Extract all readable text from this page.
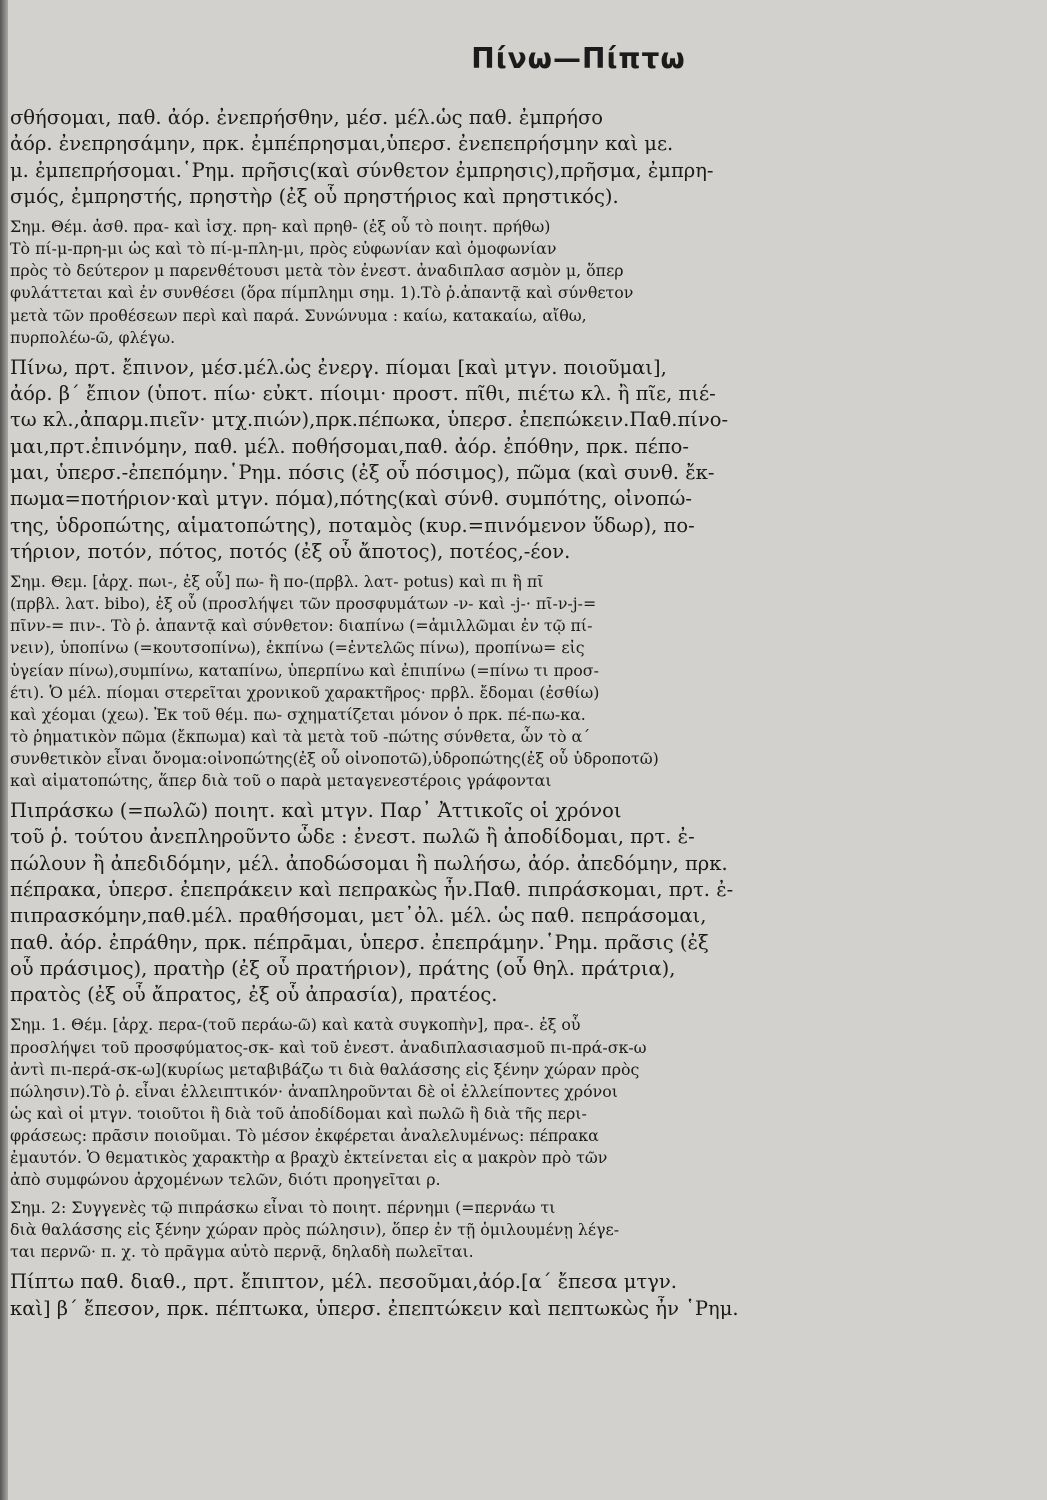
Πίνω—Πίπτω
σθήσομαι, παθ. ἀόρ. ἐνεπρήσθην, μέσ. μέλ.ὡς παθ. ἐμπρήσο
ἀόρ. ἐνεπρησάμην, πρκ. ἐμπέπρησμαι,ὑπερσ. ἐνεπεπρήσμην καὶ με.
μ. ἐμπεπρήσομαι.῾Ρημ. πρῆσις(καὶ σύνθετον ἐμπρησις),πρῆσμα, ἐμπρη-
σμός, ἐμπρηστής, πρηστὴρ (ἐξ οὗ πρηστήριος καὶ πρηστικός).
Σημ. Θέμ. ἀσθ. πρα- καὶ ἰσχ. πρη- καὶ πρηθ- (ἐξ οὗ τὸ ποιητ. πρήθω)
Τὸ πί-μ-πρη-μι ὡς καὶ τὸ πί-μ-πλη-μι, πρὸς εὐφωνίαν καὶ ὁμοφωνίαν
πρὸς τὸ δεύτερον μ παρενθέτουσι μετὰ τὸν ἐνεστ. ἀναδιπλασ ασμὸν μ, ὅπερ
φυλάττεται καὶ ἐν συνθέσει (ὅρα πίμπλημι σημ. 1).Τὸ ῥ.ἀπαντᾷ καὶ σύνθετον
μετὰ τῶν προθέσεων περὶ καὶ παρά. Συνώνυμα : καίω, κατακαίω, αἴθω,
πυρπολέω-ῶ, φλέγω.
Πίνω, πρτ. ἔπινον, μέσ.μέλ.ὡς ἐνεργ. πίομαι [καὶ μτγν. ποιοῦμαι],
ἀόρ. β΄ ἔπιον (ὑποτ. πίω· εὐκτ. πίοιμι· προστ. πῖθι, πιέτω κλ. ἢ πῖε, πιέ-
τω κλ.,ἀπαρμ.πιεῖν· μτχ.πιών),πρκ.πέπωκα, ὑπερσ. ἐπεπώκειν.Παθ.πίνο-
μαι,πρτ.ἐπινόμην, παθ. μέλ. ποθήσομαι,παθ. ἀόρ. ἐπόθην, πρκ. πέπο-
μαι, ὑπερσ.-ἐπεπόμην.῾Ρημ. πόσις (ἐξ οὗ πόσιμος), πῶμα (καὶ συνθ. ἔκ-
πωμα=ποτήριον·καὶ μτγν. πόμα),πότης(καὶ σύνθ. συμπότης, οἰνοπώ-
της, ὑδροπώτης, αἱματοπώτης), ποταμὸς (κυρ.=πινόμενον ὕδωρ), πο-
τήριον, ποτόν, πότος, ποτός (ἐξ οὗ ἄποτος), ποτέος,-έον.
Σημ. Θεμ. [ἀρχ. πωι-, ἐξ οὗ] πω- ἢ πο-(πρβλ. λατ- potus) καὶ πι ἢ πῖ
(πρβλ. λατ. bibo), ἐξ οὗ (προσλήψει τῶν προσφυμάτων -ν- καὶ -j-· πῖ-ν-j-=
πῖνν-= πιν-. Τὸ ῥ. ἀπαντᾷ καὶ σύνθετον: διαπίνω (=ἁμιλλῶμαι ἐν τῷ πί-
νειν), ὑποπίνω (=κουτσοπίνω), ἐκπίνω (=ἐντελῶς πίνω), προπίνω= εἰς
ὑγείαν πίνω),συμπίνω, καταπίνω, ὑπερπίνω καὶ ἐπιπίνω (=πίνω τι προσ-
έτι). Ὁ μέλ. πίομαι στερεῖται χρονικοῦ χαρακτῆρος· πρβλ. ἔδομαι (ἐσθίω)
καὶ χέομαι (χεω). Ἐκ τοῦ θέμ. πω- σχηματίζεται μόνον ὁ πρκ. πέ-πω-κα.
τὸ ῥηματικὸν πῶμα (ἔκπωμα) καὶ τὰ μετὰ τοῦ -πώτης σύνθετα, ὧν τὸ α΄
συνθετικὸν εἶναι ὄνομα:οἰνοπώτης(ἐξ οὗ οἰνοποτῶ),ὑδροπώτης(ἐξ οὗ ὑδροποτῶ)
καὶ αἱματοπώτης, ἅπερ διὰ τοῦ ο παρὰ μεταγενεστέροις γράφονται
Πιπράσκω (=πωλῶ) ποιητ. καὶ μτγν. Παρ᾽ Ἀττικοῖς οἱ χρόνοι
τοῦ ῥ. τούτου ἀνεπληροῦντο ὧδε : ἐνεστ. πωλῶ ἢ ἀποδίδομαι, πρτ. ἐ-
πώλουν ἢ ἀπεδιδόμην, μέλ. ἀποδώσομαι ἢ πωλήσω, ἀόρ. ἀπεδόμην, πρκ.
πέπρακα, ὑπερσ. ἐπεπράκειν καὶ πεπρακὼς ἦν.Παθ. πιπράσκομαι, πρτ. ἐ-
πιπρασκόμην,παθ.μέλ. πραθήσομαι, μετ᾽ὀλ. μέλ. ὡς παθ. πεπράσομαι,
παθ. ἀόρ. ἐπράθην, πρκ. πέπρᾱμαι, ὑπερσ. ἐπεπράμην.῾Ρημ. πρᾶσις (ἐξ
οὗ πράσιμος), πρατὴρ (ἐξ οὗ πρατήριον), πράτης (οὗ θηλ. πράτρια),
πρατὸς (ἐξ οὗ ἄπρατος, ἐξ οὗ ἀπρασία), πρατέος.
Σημ. 1. Θέμ. [ἀρχ. περα-(τοῦ περάω-ῶ) καὶ κατὰ συγκοπὴν], πρα-. ἐξ οὗ
προσλήψει τοῦ προσφύματος-σκ- καὶ τοῦ ἐνεστ. ἀναδιπλασιασμοῦ πι-πρά-σκ-ω
ἀντὶ πι-περά-σκ-ω](κυρίως μεταβιβάζω τι διὰ θαλάσσης εἰς ξένην χώραν πρὸς
πώλησιν).Τὸ ῥ. εἶναι ἐλλειπτικόν· ἀναπληροῦνται δὲ οἱ ἐλλείποντες χρόνοι
ὡς καὶ οἱ μτγν. τοιοῦτοι ἢ διὰ τοῦ ἀποδίδομαι καὶ πωλῶ ἢ διὰ τῆς περι-
φράσεως: πρᾶσιν ποιοῦμαι. Τὸ μέσον ἐκφέρεται ἀναλελυμένως: πέπρακα
ἐμαυτόν. Ὁ θεματικὸς χαρακτὴρ α βραχὺ ἐκτείνεται εἰς α μακρὸν πρὸ τῶν
ἀπὸ συμφώνου ἀρχομένων τελῶν, διότι προηγεῖται ρ.
Σημ. 2: Συγγενὲς τῷ πιπράσκω εἶναι τὸ ποιητ. πέρνημι (=περνάω τι
διὰ θαλάσσης εἰς ξένην χώραν πρὸς πώλησιν), ὅπερ ἐν τῇ ὁμιλουμένῃ λέγε-
ται περνῶ· π. χ. τὸ πρᾶγμα αὐτὸ περνᾷ, δηλαδὴ πωλεῖται.
Πίπτω παθ. διαθ., πρτ. ἔπιπτον, μέλ. πεσοῦμαι,ἀόρ.[α΄ ἔπεσα μτγν.
καὶ] β΄ ἔπεσον, πρκ. πέπτωκα, ὑπερσ. ἐπεπτώκειν καὶ πεπτωκὼς ἦν ῾Ρημ.
